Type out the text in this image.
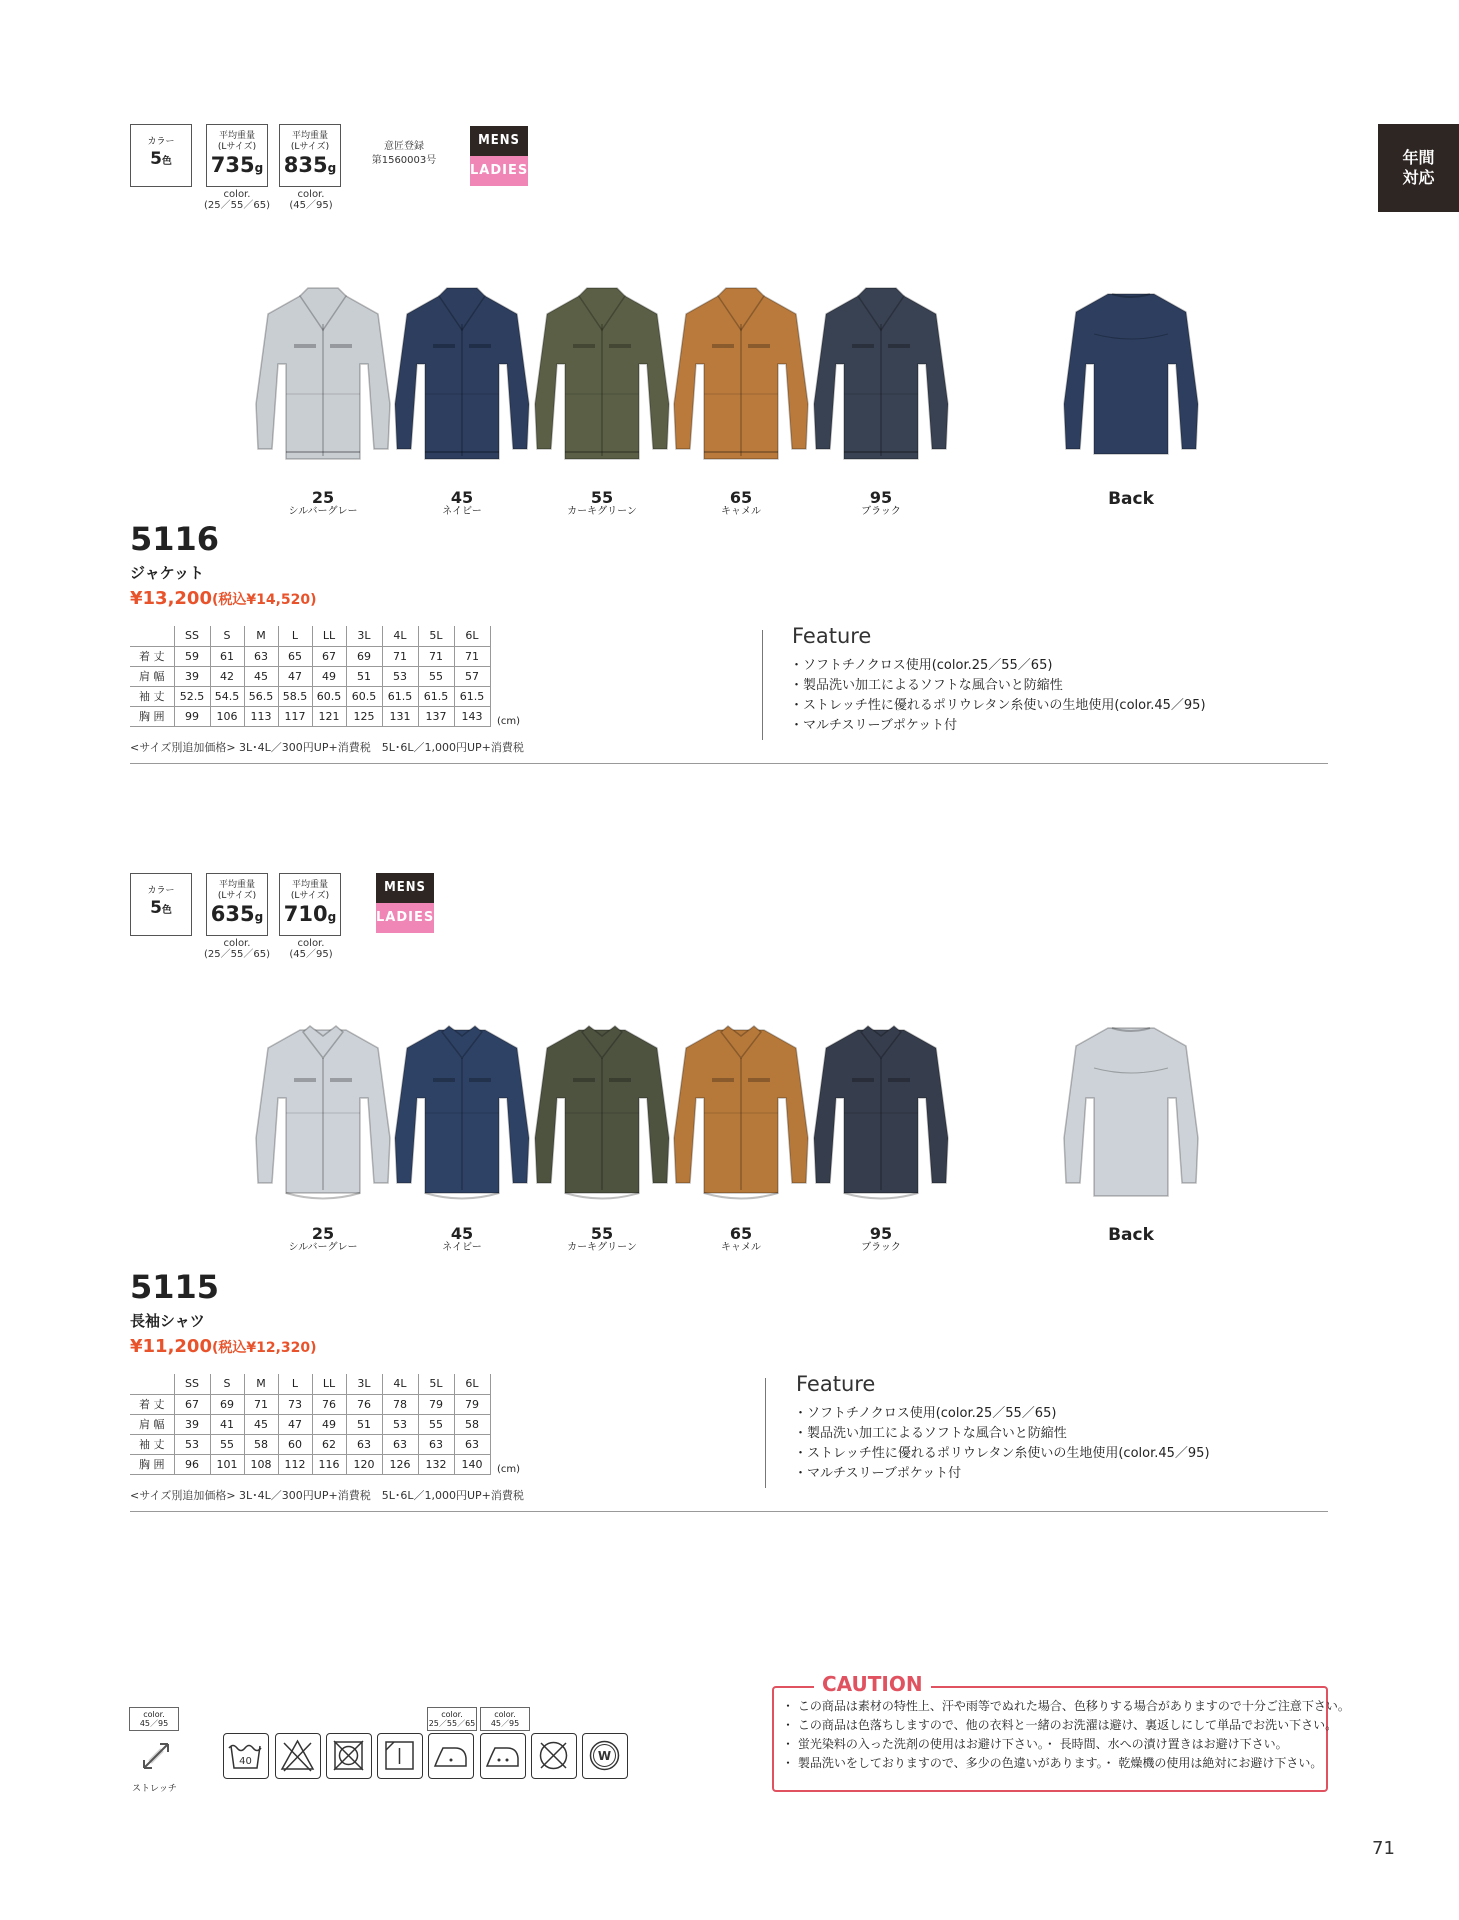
年間
対応
カラー
5色
平均重量
(Lサイズ)
735g
color.
(25／55／65)
平均重量
(Lサイズ)
835g
color.
(45／95)
意匠登録
第1560003号
MENS
LADIES
25
シルバーグレー
45
ネイビー
55
カーキグリーン
65
キャメル
95
ブラック
Back
5116
ジャケット
¥13,200(税込¥14,520)
	SS	S	M	L	LL	3L	4L	5L	6L
着 丈	59	61	63	65	67	69	71	71	71
肩 幅	39	42	45	47	49	51	53	55	57
袖 丈	52.5	54.5	56.5	58.5	60.5	60.5	61.5	61.5	61.5
胸 囲	99	106	113	117	121	125	131	137	143 (cm)
<サイズ別追加価格> 3L･4L／300円UP+消費税　5L･6L／1,000円UP+消費税
Feature
・ソフトチノクロス使用(color.25／55／65)
・製品洗い加工によるソフトな風合いと防縮性
・ストレッチ性に優れるポリウレタン糸使いの生地使用(color.45／95)
・マルチスリーブポケット付
カラー
5色
平均重量
(Lサイズ)
635g
color.
(25／55／65)
平均重量
(Lサイズ)
710g
color.
(45／95)
MENS
LADIES
25
シルバーグレー
45
ネイビー
55
カーキグリーン
65
キャメル
95
ブラック
Back
5115
長袖シャツ
¥11,200(税込¥12,320)
	SS	S	M	L	LL	3L	4L	5L	6L
着 丈	67	69	71	73	76	76	78	79	79
肩 幅	39	41	45	47	49	51	53	55	58
袖 丈	53	55	58	60	62	63	63	63	63
胸 囲	96	101	108	112	116	120	126	132	140 (cm)
<サイズ別追加価格> 3L･4L／300円UP+消費税　5L･6L／1,000円UP+消費税
Feature
・ソフトチノクロス使用(color.25／55／65)
・製品洗い加工によるソフトな風合いと防縮性
・ストレッチ性に優れるポリウレタン糸使いの生地使用(color.45／95)
・マルチスリーブポケット付
color.
45／95
ストレッチ
color.
25／55／65
color.
45／95
40	W
CAUTION
・ この商品は素材の特性上、汗や雨等でぬれた場合、色移りする場合がありますので十分ご注意下さい。
・ この商品は色落ちしますので、他の衣料と一緒のお洗濯は避け、裏返しにして単品でお洗い下さい。
・ 蛍光染料の入った洗剤の使用はお避け下さい。・ 長時間、水への漬け置きはお避け下さい。
・ 製品洗いをしておりますので、多少の色違いがあります。・ 乾燥機の使用は絶対にお避け下さい。
71
